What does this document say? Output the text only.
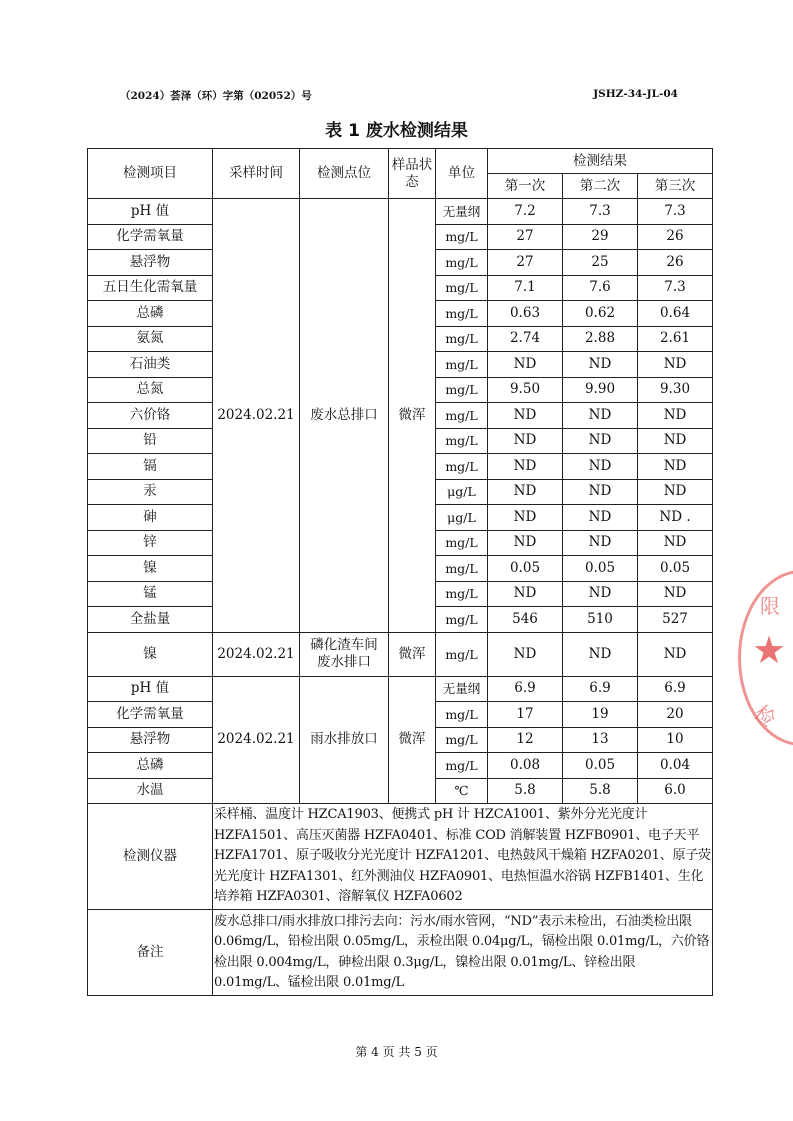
（2024）荟泽（环）字第（02052）号	JSHZ-34-JL-04
表 1 废水检测结果
检测项目	采样时间	检测点位	样品状态	单位	检测结果		
					第一次	第二次	第三次
pH 值	2024.02.21	废水总排口	微浑	无量纲	7.2	7.3	7.3
化学需氧量				mg/L	27	29	26
悬浮物				mg/L	27	25	26
五日生化需氧量				mg/L	7.1	7.6	7.3
总磷				mg/L	0.63	0.62	0.64
氨氮				mg/L	2.74	2.88	2.61
石油类				mg/L	ND	ND	ND
总氮				mg/L	9.50	9.90	9.30
六价铬				mg/L	ND	ND	ND
铅				mg/L	ND	ND	ND
镉				mg/L	ND	ND	ND
汞				μg/L	ND	ND	ND
砷				μg/L	ND	ND	ND .
锌				mg/L	ND	ND	ND
镍				mg/L	0.05	0.05	0.05
锰				mg/L	ND	ND	ND
全盐量				mg/L	546	510	527
镍	2024.02.21	磷化渣车间废水排口	微浑	mg/L	ND	ND	ND
pH 值	2024.02.21	雨水排放口	微浑	无量纲	6.9	6.9	6.9
化学需氧量				mg/L	17	19	20
悬浮物				mg/L	12	13	10
总磷				mg/L	0.08	0.05	0.04
水温				℃	5.8	5.8	6.0
检测仪器	采样桶、温度计 HZCA1903、便携式 pH 计 HZCA1001、紫外分光光度计 HZFA1501、高压灭菌器 HZFA0401、标准 COD 消解装置 HZFB0901、电子天平 HZFA1701、原子吸收分光光度计 HZFA1201、电热鼓风干燥箱 HZFA0201、原子荧光光度计 HZFA1301、红外测油仪 HZFA0901、电热恒温水浴锅 HZFB1401、生化培养箱 HZFA0301、溶解氧仪 HZFA0602						
备注	废水总排口/雨水排放口排污去向：污水/雨水管网，“ND”表示未检出，石油类检出限 0.06mg/L，铅检出限 0.05mg/L，汞检出限 0.04μg/L，镉检出限 0.01mg/L，六价铬检出限 0.004mg/L，砷检出限 0.3μg/L，镍检出限 0.01mg/L、锌检出限 0.01mg/L、锰检出限 0.01mg/L						
★
限
检
第 4 页 共 5 页
